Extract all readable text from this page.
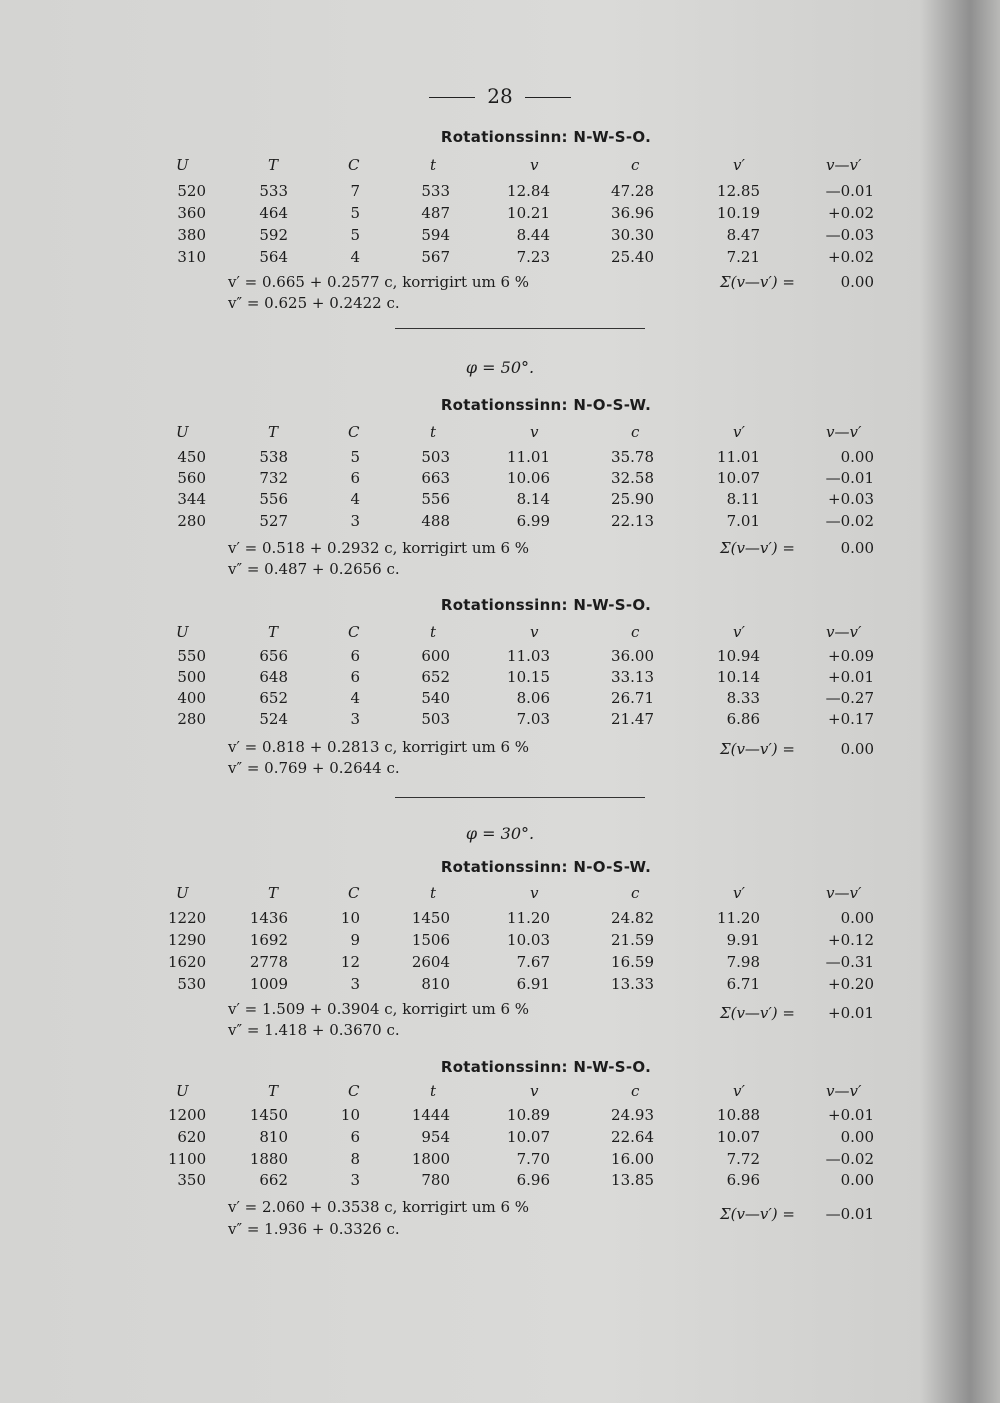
28
Rotationssinn: N-W-S-O.
U	T	C	t	v	c	v′	v—v′
520	533	7	533	12.84	47.28	12.85	—0.01
360	464	5	487	10.21	36.96	10.19	+0.02
380	592	5	594	8.44	30.30	8.47	—0.03
310	564	4	567	7.23	25.40	7.21	+0.02
v′ = 0.665 + 0.2577 c, korrigirt um 6 %	Σ(v—v′) =	0.00
v″ = 0.625 + 0.2422 c.
φ = 50°.
Rotationssinn: N-O-S-W.
U	T	C	t	v	c	v′	v—v′
450	538	5	503	11.01	35.78	11.01	0.00
560	732	6	663	10.06	32.58	10.07	—0.01
344	556	4	556	8.14	25.90	8.11	+0.03
280	527	3	488	6.99	22.13	7.01	—0.02
v′ = 0.518 + 0.2932 c, korrigirt um 6 %	Σ(v—v′) =	0.00
v″ = 0.487 + 0.2656 c.
Rotationssinn: N-W-S-O.
U	T	C	t	v	c	v′	v—v′
550	656	6	600	11.03	36.00	10.94	+0.09
500	648	6	652	10.15	33.13	10.14	+0.01
400	652	4	540	8.06	26.71	8.33	—0.27
280	524	3	503	7.03	21.47	6.86	+0.17
v′ = 0.818 + 0.2813 c, korrigirt um 6 %	Σ(v—v′) =	0.00
v″ = 0.769 + 0.2644 c.
φ = 30°.
Rotationssinn: N-O-S-W.
U	T	C	t	v	c	v′	v—v′
1220	1436	10	1450	11.20	24.82	11.20	0.00
1290	1692	9	1506	10.03	21.59	9.91	+0.12
1620	2778	12	2604	7.67	16.59	7.98	—0.31
530	1009	3	810	6.91	13.33	6.71	+0.20
v′ = 1.509 + 0.3904 c, korrigirt um 6 %	Σ(v—v′) = +0.01
v″ = 1.418 + 0.3670 c.
Rotationssinn: N-W-S-O.
U	T	C	t	v	c	v′	v—v′
1200	1450	10	1444	10.89	24.93	10.88	+0.01
620	810	6	954	10.07	22.64	10.07	0.00
1100	1880	8	1800	7.70	16.00	7.72	—0.02
350	662	3	780	6.96	13.85	6.96	0.00
v′ = 2.060 + 0.3538 c, korrigirt um 6 %	Σ(v—v′) = —0.01
v″ = 1.936 + 0.3326 c.
